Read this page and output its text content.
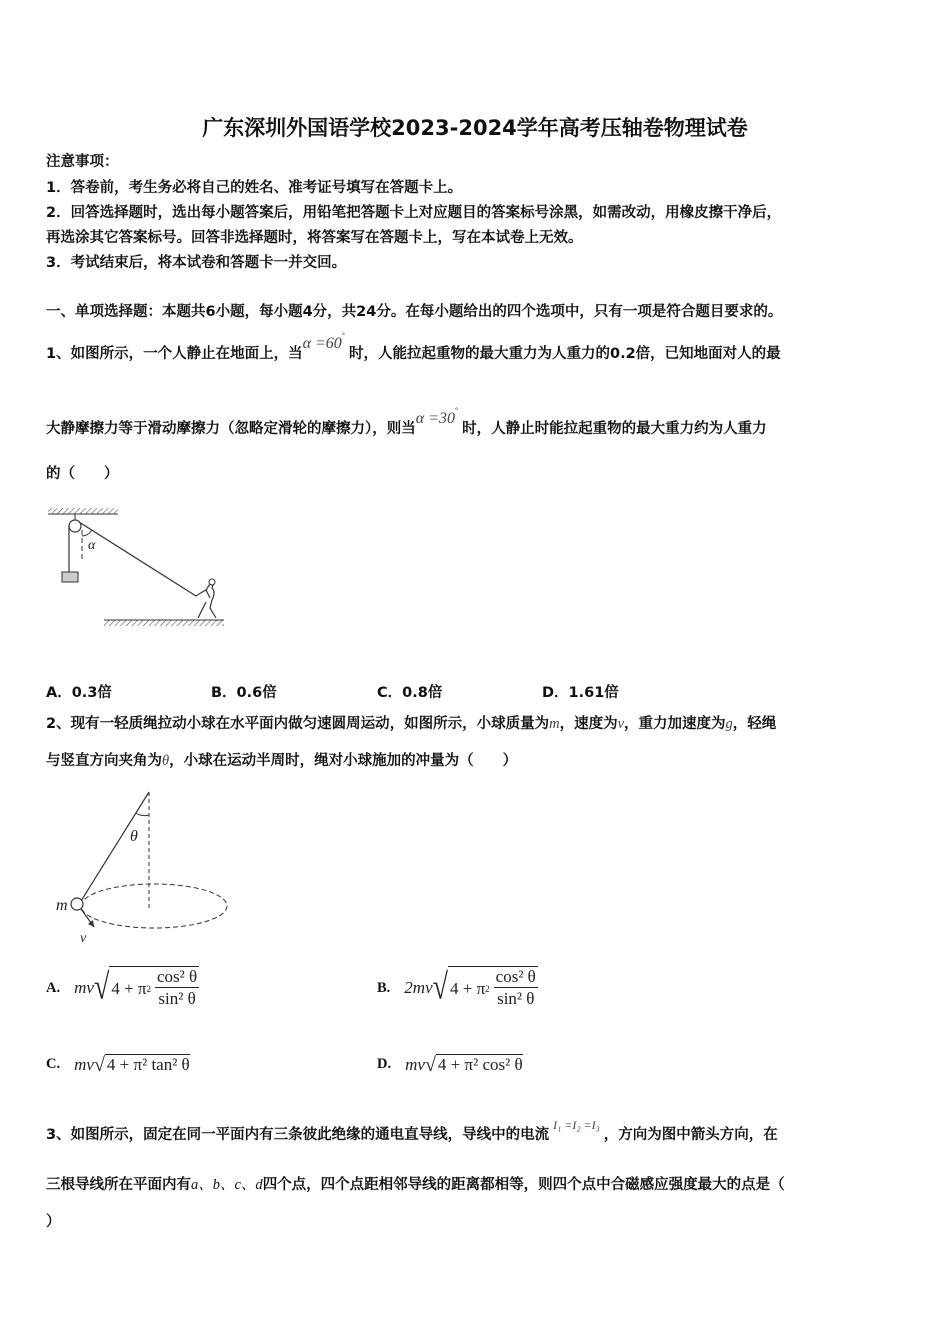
广东深圳外国语学校2023-2024学年高考压轴卷物理试卷
注意事项：
1．答卷前，考生务必将自己的姓名、准考证号填写在答题卡上。
2．回答选择题时，选出每小题答案后，用铅笔把答题卡上对应题目的答案标号涂黑，如需改动，用橡皮擦干净后，
再选涂其它答案标号。回答非选择题时，将答案写在答题卡上，写在本试卷上无效。
3．考试结束后，将本试卷和答题卡一并交回。
一、单项选择题：本题共6小题，每小题4分，共24分。在每小题给出的四个选项中，只有一项是符合题目要求的。
1、如图所示，一个人静止在地面上，当α =60°时，人能拉起重物的最大重力为人重力的0.2倍，已知地面对人的最
大静摩擦力等于滑动摩擦力（忽略定滑轮的摩擦力），则当α =30°时，人静止时能拉起重物的最大重力约为人重力
的（　　）
α
A．0.3倍	B．0.6倍	C．0.8倍	D．1.61倍
2、现有一轻质绳拉动小球在水平面内做匀速圆周运动，如图所示，小球质量为m，速度为v，重力加速度为g，轻绳
与竖直方向夹角为θ，小球在运动半周时，绳对小球施加的冲量为（　　）
θ
m
v
A. mv √ 4 + π $2 \frac{\text{cos² θ}}{\text{sin² θ}}$	B. 2mv √ 4 + π $2 \frac{\text{cos² θ}}{\text{sin² θ}}$
C. mv √ 4 + π² tan² θ	D. mv √ 4 + π² cos² θ
3、如图所示，固定在同一平面内有三条彼此绝缘的通电直导线，导线中的电流$^{I_1 =I_2 =I_3}$，方向为图中箭头方向，在
三根导线所在平面内有a、b、c、d四个点，四个点距相邻导线的距离都相等，则四个点中合磁感应强度最大的点是（
）
